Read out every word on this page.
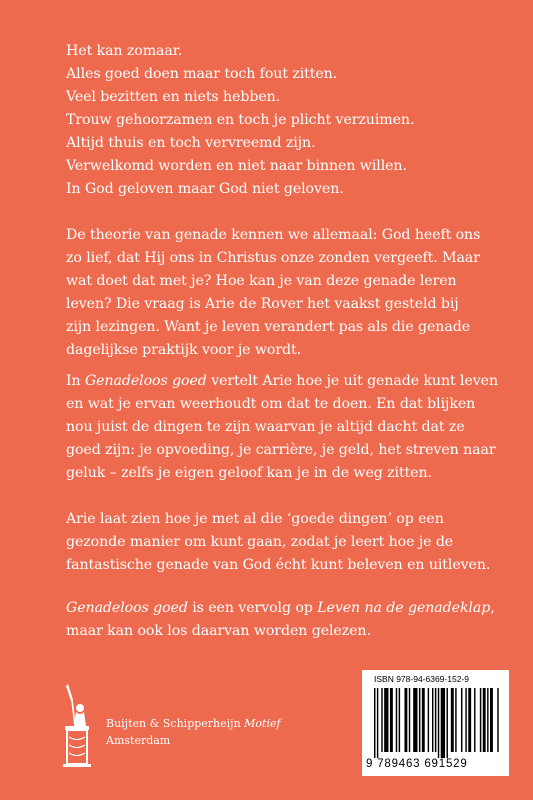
Het kan zomaar.
Alles goed doen maar toch fout zitten.
Veel bezitten en niets hebben.
Trouw gehoorzamen en toch je plicht verzuimen.
Altijd thuis en toch vervreemd zijn.
Verwelkomd worden en niet naar binnen willen.
In God geloven maar God niet geloven.
De theorie van genade kennen we allemaal: God heeft ons
zo lief, dat Hij ons in Christus onze zonden vergeeft. Maar
wat doet dat met je? Hoe kan je van deze genade leren
leven? Die vraag is Arie de Rover het vaakst gesteld bij
zijn lezingen. Want je leven verandert pas als die genade
dagelijkse praktijk voor je wordt.
In Genadeloos goed vertelt Arie hoe je uit genade kunt leven
en wat je ervan weerhoudt om dat te doen. En dat blijken
nou juist de dingen te zijn waarvan je altijd dacht dat ze
goed zijn: je opvoeding, je carrière, je geld, het streven naar
geluk – zelfs je eigen geloof kan je in de weg zitten.
Arie laat zien hoe je met al die ‘goede dingen’ op een
gezonde manier om kunt gaan, zodat je leert hoe je de
fantastische genade van God écht kunt beleven en uitleven.
Genadeloos goed is een vervolg op Leven na de genadeklap,
maar kan ook los daarvan worden gelezen.
Buijten & Schipperheijn Motief
Amsterdam
ISBN 978-94-6369-152-9
9 789463 691529
